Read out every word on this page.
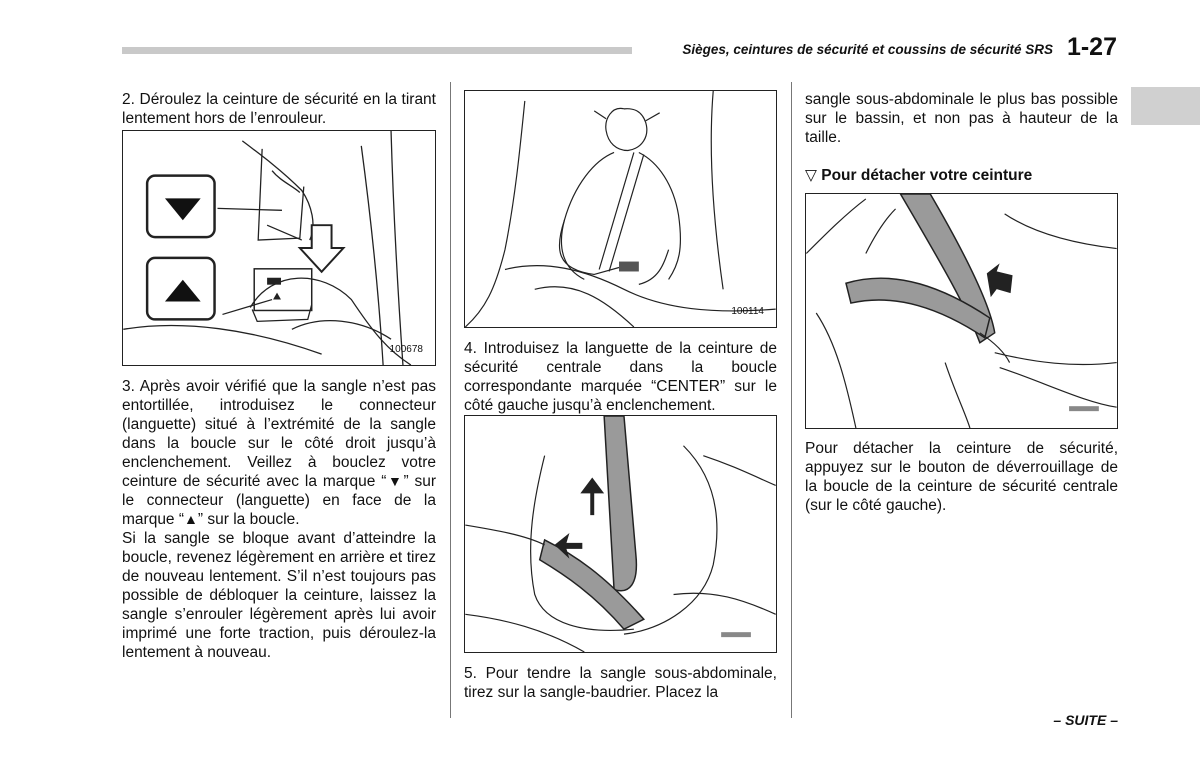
Sièges, ceintures de sécurité et coussins de sécurité SRS 1-27

2. Déroulez la ceinture de sécurité en la tirant lentement hors de l’enrouleur.

100678
3. Après avoir vérifié que la sangle n’est pas entortillée, introduisez le connecteur (languette) situé à l’extrémité de la sangle dans la boucle sur le côté droit jusqu’à enclenchement. Veillez à bouclez votre ceinture de sécurité avec la marque “▼” sur le connecteur (languette) en face de la marque “▲” sur la boucle.

Si la sangle se bloque avant d’atteindre la boucle, revenez légèrement en arrière et tirez de nouveau lentement. S’il n’est toujours pas possible de débloquer la ceinture, laissez la sangle s’enrouler légèrement après lui avoir imprimé une forte traction, puis déroulez-la lentement à nouveau.

100114

4. Introduisez la languette de la ceinture de sécurité centrale dans la boucle correspondante marquée “CENTER” sur le côté gauche jusqu’à enclenchement.

5. Pour tendre la sangle sous-abdominale, tirez sur la sangle-baudrier. Placez la

sangle sous-abdominale le plus bas possible sur le bassin, et non pas à hauteur de la taille.

▽ Pour détacher votre ceinture

Pour détacher la ceinture de sécurité, appuyez sur le bouton de déverrouillage de la boucle de la ceinture de sécurité centrale (sur le côté gauche).

– SUITE –
